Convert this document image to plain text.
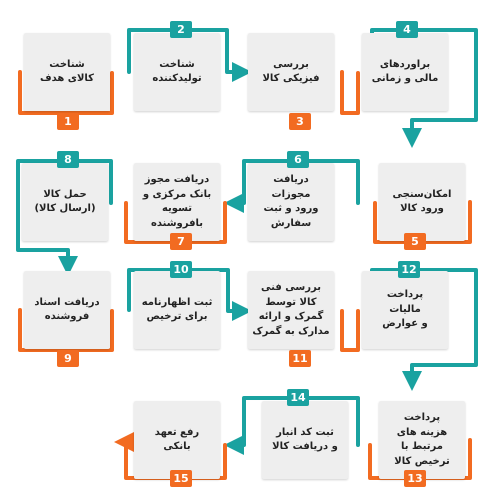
شناخت
کالای هدف
شناخت
تولیدکننده
بررسی
فیزیکی کالا
براوردهای
مالی و زمانی
امکان‌سنجی
ورود کالا
دریافت
مجوزات
ورود و ثبت
سفارش
دریافت مجوز
بانک مرکزی و
تسویه
بافروشنده
حمل کالا
(ارسال کالا)
دریافت اسناد
فروشنده
ثبت اظهارنامه
برای ترخیص
بررسی فنی
کالا توسط
گمرک و ارائه
مدارک به گمرک
پرداخت
مالیات
و عوارض
پرداخت
هزینه های
مرتبط با
ترخیص کالا
ثبت کد انبار
و دریافت کالا
رفع تعهد
بانکی
1
2
3
4
5
6
7
8
9
10
11
12
13
14
15
